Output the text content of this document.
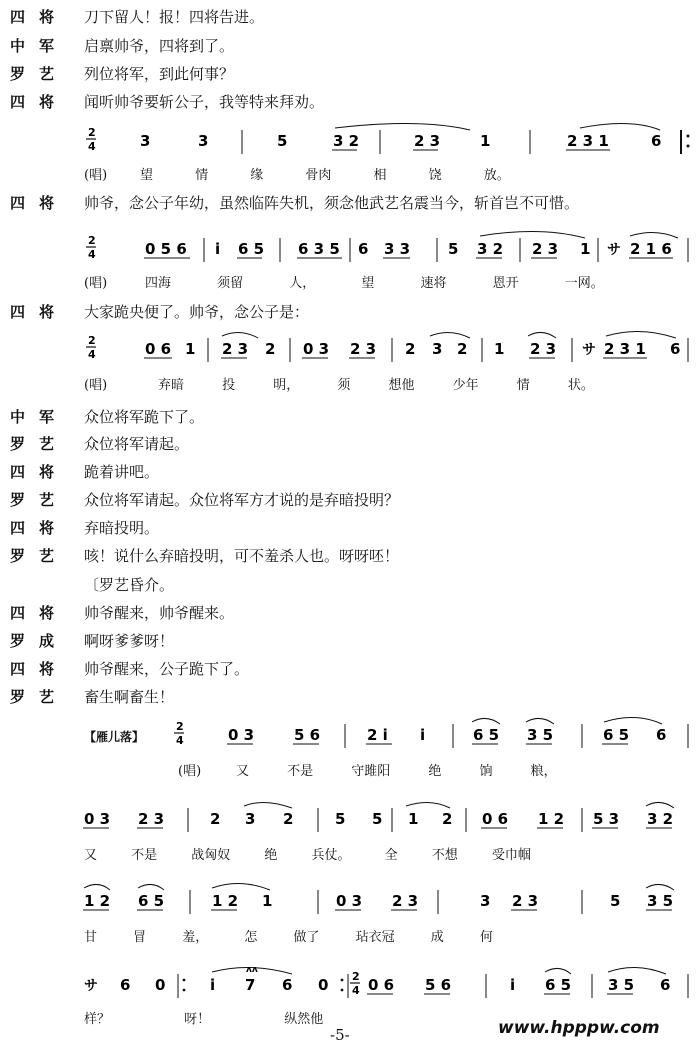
四将 刀下留人！报！四将告进。
中军 启禀帅爷，四将到了。
罗艺 列位将军，到此何事？
四将 闻听帅爷要斩公子，我等特来拜劝。
2
4	3	3	5	3 2	2 3	1	2 3 1	6
⌒
(唱)	望 情 缘 骨肉 相 饶 放。
四将 帅爷，念公子年幼，虽然临阵失机，须念他武艺名震当今，斩首岂不可惜。
2
4	0 5 6 i 6 5 6 3 5 6 3 3	5 3 2 2 3 1 サ 2 1 6
(唱)	四海 须留 人， 望 速将 恩开 一网。
四将 大家跪央便了。帅爷，念公子是：
2
4	0 6 1 2 3 2 0 3 2 3 2 3 2 1 2 3 サ 2 3 1 6
(唱)	弃暗 投 明， 须 想他 少年 情 状。
中军 众位将军跪下了。
罗艺 众位将军请起。
四将 跪着讲吧。
罗艺 众位将军请起。众位将军方才说的是弃暗投明？
四将 弃暗投明。
罗艺 咳！说什么弃暗投明，可不羞杀人也。呀呀呸！
〔罗艺昏介。
四将 帅爷醒来，帅爷醒来。
罗成 啊呀爹爹呀！
四将 帅爷醒来，公子跪下了。
罗艺 畜生啊畜生！
【雁儿落】
2
4	0 3	5 6	2 i i	6 5 3 5	6 5 6
(唱)	又 不是 守雎阳 绝 饷 粮，
0 3 2 3	2 3 2	5 5 1 2 0 6 1 2 5 3 3 2
又 不是 战匈奴 绝 兵仗。 全 不想 受巾帼
1 2 6 5	1 2 1	0 3 2 3	3 2 3	5 3 5
甘 冒 羞， 怎 做了 玷衣冠 成 何
サ 6
⌒
0	i 7 6 0
ᴧᴧ	2
4 0 6 5 6	i 6 5 3 5 6
样？ 呀！ 纵然他
-5-	www.hpppw.com
